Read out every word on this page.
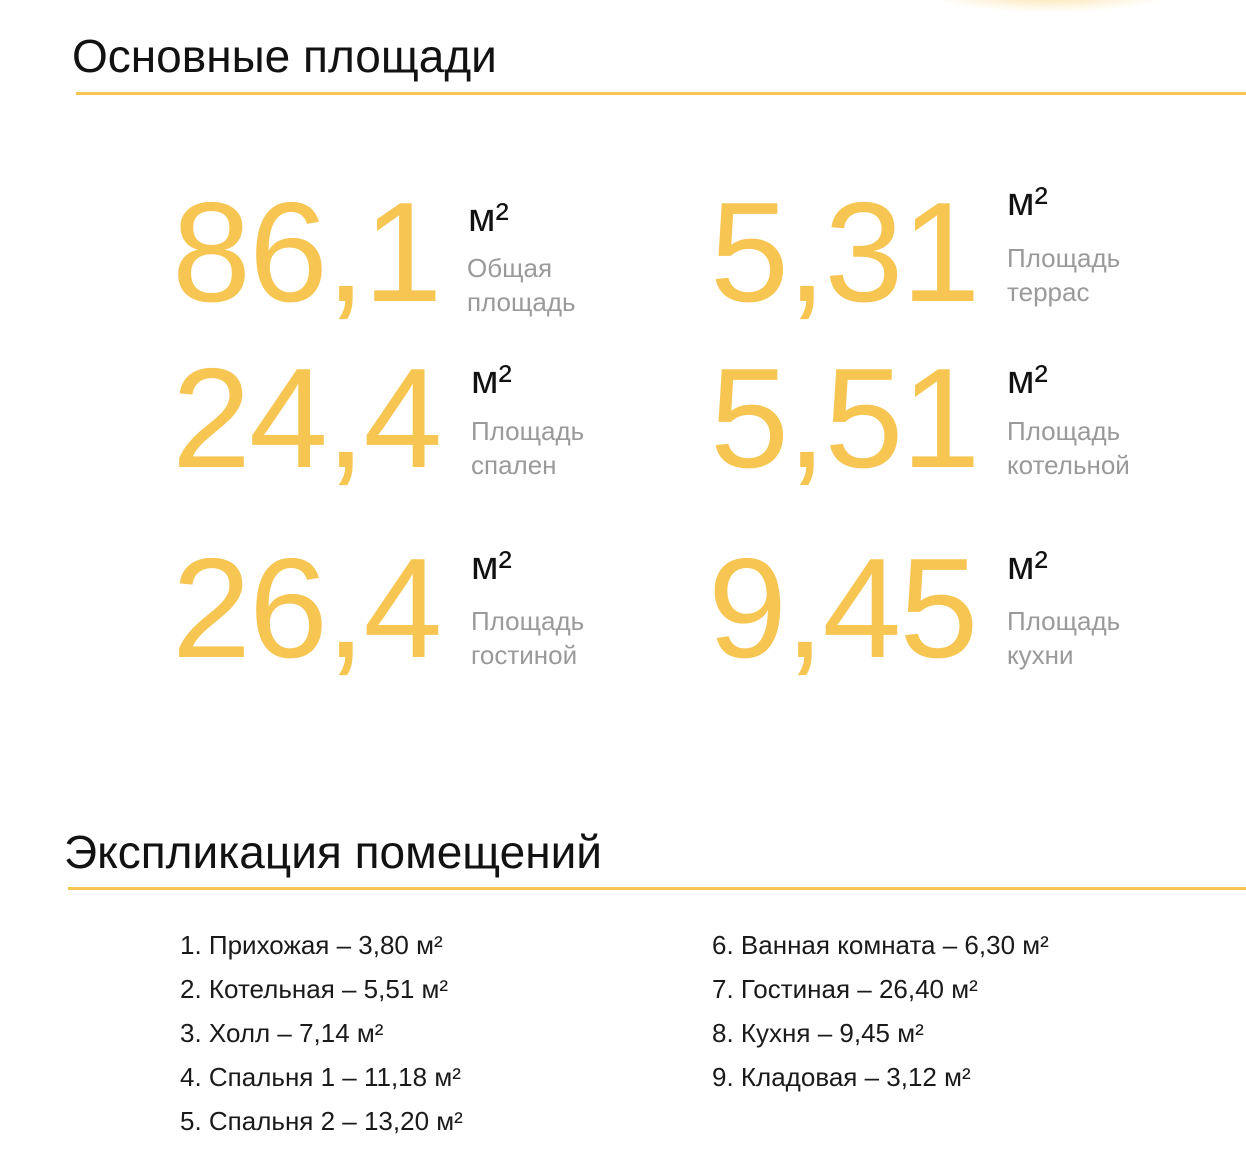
Основные площади
86,1 м²
Общая
площадь 5,31 м²
Площадь
террас
24,4 м²
Площадь
спален	5,51 м²
Площадь
котельной
26,4 м²
Площадь
гостиной 9,45 м²
Площадь
кухни
Экспликация помещений
1. Прихожая – 3,80 м²
2. Котельная – 5,51 м²
3. Холл – 7,14 м²
4. Спальня 1 – 11,18 м²
5. Спальня 2 – 13,20 м²
6. Ванная комната – 6,30 м²
7. Гостиная – 26,40 м²
8. Кухня – 9,45 м²
9. Кладовая – 3,12 м²
